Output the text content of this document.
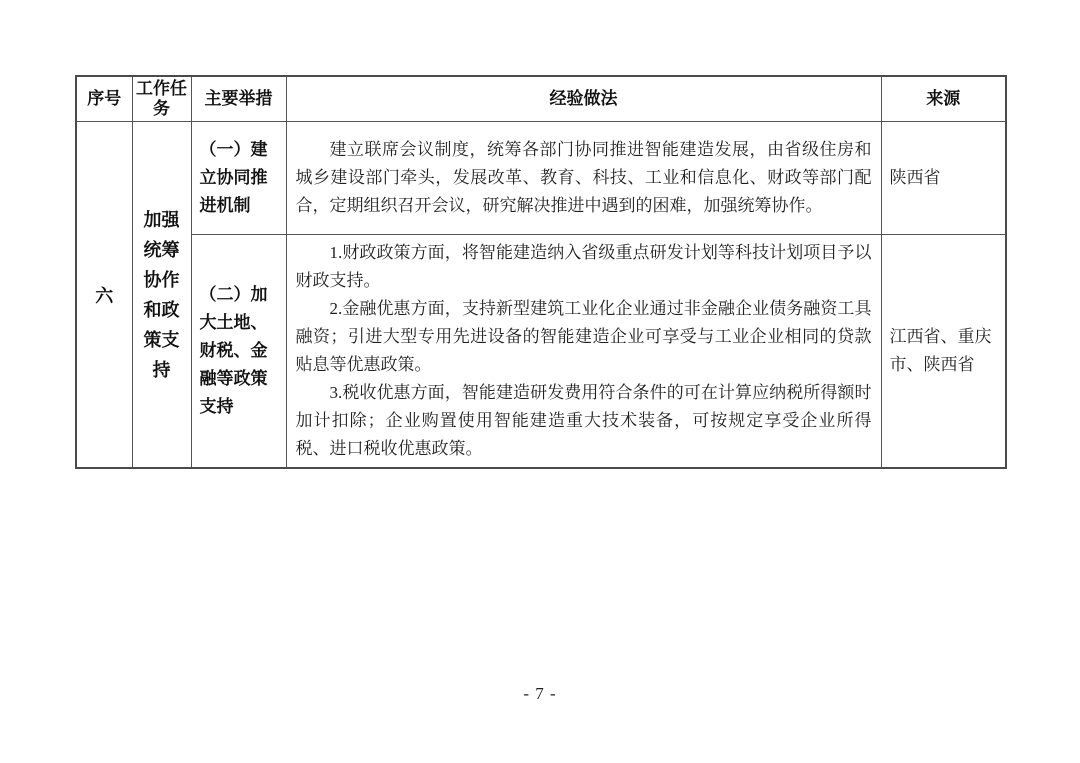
序号	工作任务	主要举措	经验做法	来源
六	加强统筹协作和政策支持	（一）建立协同推进机制	建立联席会议制度，统筹各部门协同推进智能建造发展，由省级住房和城乡建设部门牵头，发展改革、教育、科技、工业和信息化、财政等部门配合，定期组织召开会议，研究解决推进中遇到的困难，加强统筹协作。	陕西省
		（二）加大土地、财税、金融等政策支持	1.财政政策方面，将智能建造纳入省级重点研发计划等科技计划项目予以财政支持。

2.金融优惠方面，支持新型建筑工业化企业通过非金融企业债务融资工具融资；引进大型专用先进设备的智能建造企业可享受与工业企业相同的贷款贴息等优惠政策。

3.税收优惠方面，智能建造研发费用符合条件的可在计算应纳税所得额时加计扣除；企业购置使用智能建造重大技术装备，可按规定享受企业所得税、进口税收优惠政策。	江西省、重庆市、陕西省
- 7 -
